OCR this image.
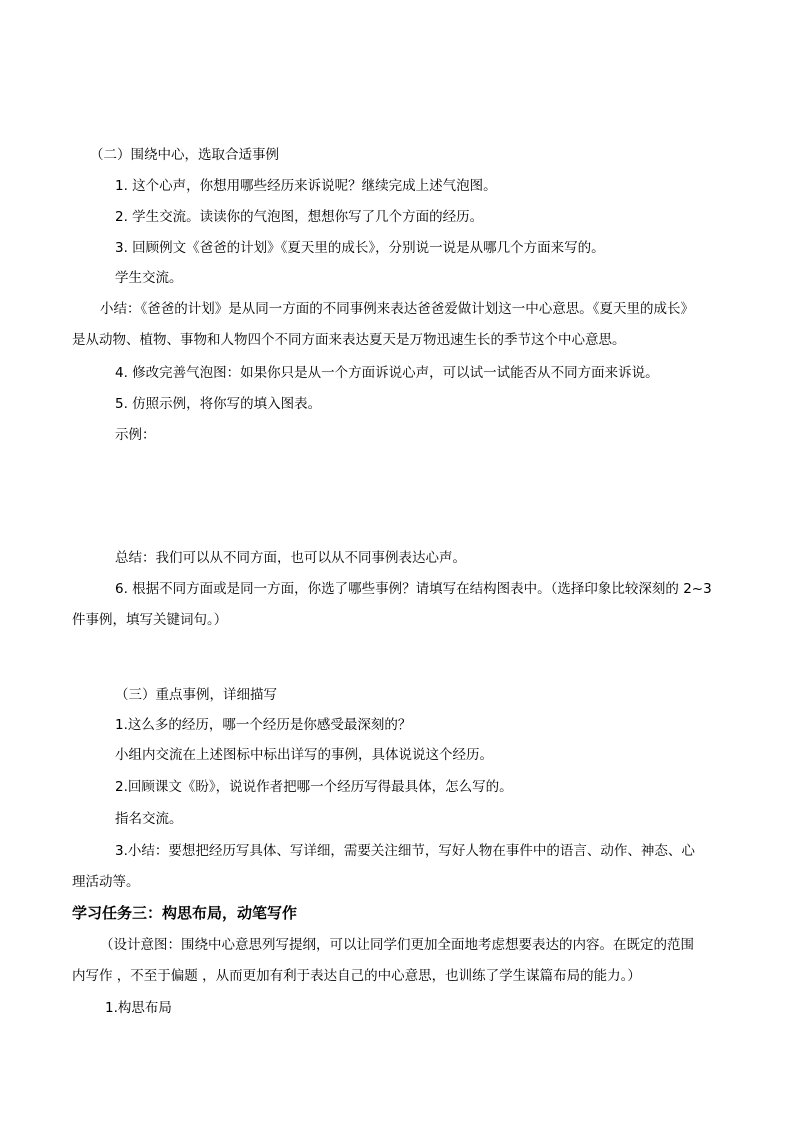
（二）围绕中心，选取合适事例
1. 这个心声，你想用哪些经历来诉说呢？继续完成上述气泡图。
2. 学生交流。读读你的气泡图，想想你写了几个方面的经历。
3. 回顾例文《爸爸的计划》《夏天里的成长》，分别说一说是从哪几个方面来写的。
学生交流。
小结：《爸爸的计划》是从同一方面的不同事例来表达爸爸爱做计划这一中心意思。《夏天里的成长》
是从动物、植物、事物和人物四个不同方面来表达夏天是万物迅速生长的季节这个中心意思。
4. 修改完善气泡图：如果你只是从一个方面诉说心声，可以试一试能否从不同方面来诉说。
5. 仿照示例，将你写的填入图表。
示例：
总结：我们可以从不同方面，也可以从不同事例表达心声。
6. 根据不同方面或是同一方面，你选了哪些事例？请填写在结构图表中。（选择印象比较深刻的 2~3
件事例，填写关键词句。）
（三）重点事例，详细描写
1.这么多的经历，哪一个经历是你感受最深刻的？
小组内交流在上述图标中标出详写的事例，具体说说这个经历。
2.回顾课文《盼》，说说作者把哪一个经历写得最具体，怎么写的。
指名交流。
3.小结：要想把经历写具体、写详细，需要关注细节，写好人物在事件中的语言、动作、神态、心
理活动等。
学习任务三：构思布局，动笔写作
（设计意图：围绕中心意思列写提纲，可以让同学们更加全面地考虑想要表达的内容。在既定的范围
内写作 ，不至于偏题 ，从而更加有利于表达自己的中心意思，也训练了学生谋篇布局的能力。）
1.构思布局
